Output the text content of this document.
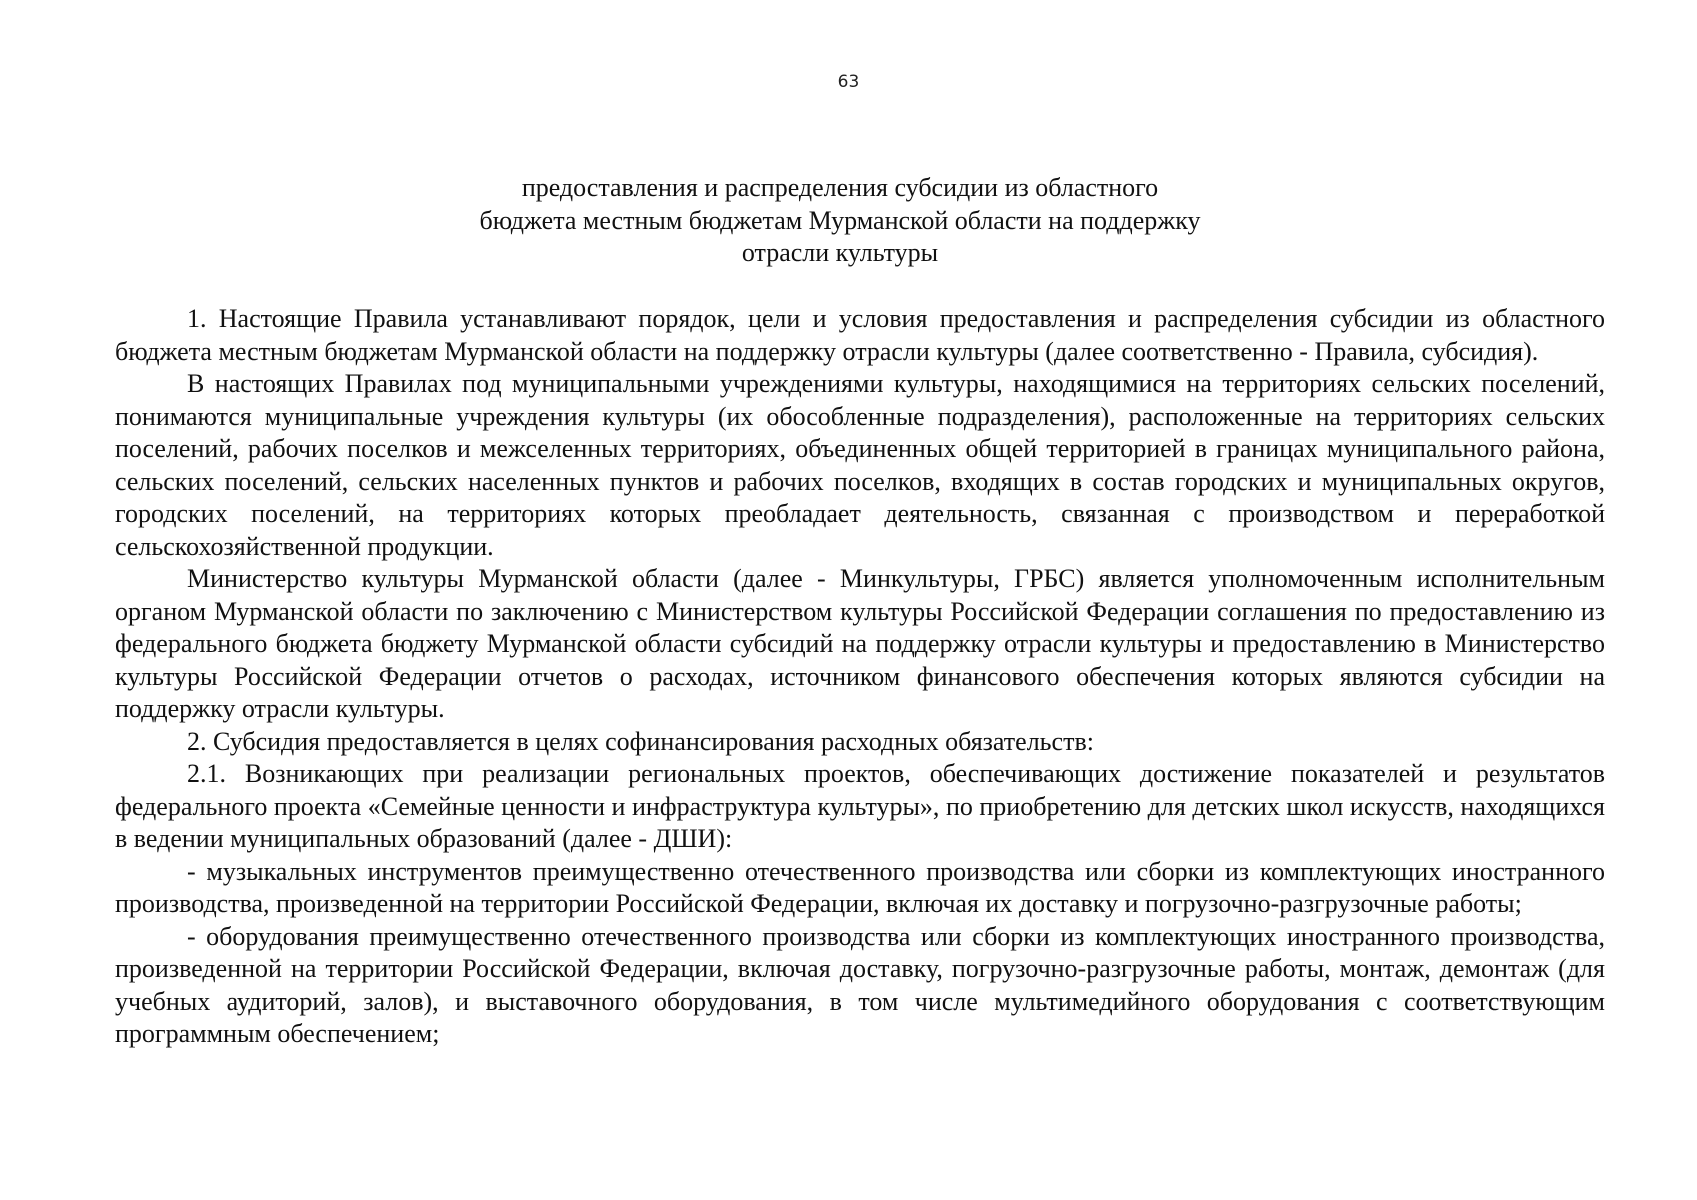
63
предоставления и распределения субсидии из областного
бюджета местным бюджетам Мурманской области на поддержку
отрасли культуры

1. Настоящие Правила устанавливают порядок, цели и условия предоставления и распределения субсидии из областного бюджета местным бюджетам Мурманской области на поддержку отрасли культуры (далее соответственно - Правила, субсидия).

В настоящих Правилах под муниципальными учреждениями культуры, находящимися на территориях сельских поселений, понимаются муниципальные учреждения культуры (их обособленные подразделения), расположенные на территориях сельских поселений, рабочих поселков и межселенных территориях, объединенных общей территорией в границах муниципального района, сельских поселений, сельских населенных пунктов и рабочих поселков, входящих в состав городских и муниципальных округов, городских поселений, на территориях которых преобладает деятельность, связанная с производством и переработкой сельскохозяйственной продукции.

Министерство культуры Мурманской области (далее - Минкультуры, ГРБС) является уполномоченным исполнительным органом Мурманской области по заключению с Министерством культуры Российской Федерации соглашения по предоставлению из федерального бюджета бюджету Мурманской области субсидий на поддержку отрасли культуры и предоставлению в Министерство культуры Российской Федерации отчетов о расходах, источником финансового обеспечения которых являются субсидии на поддержку отрасли культуры.

2. Субсидия предоставляется в целях софинансирования расходных обязательств:

2.1. Возникающих при реализации региональных проектов, обеспечивающих достижение показателей и результатов федерального проекта «Семейные ценности и инфраструктура культуры», по приобретению для детских школ искусств, находящихся в ведении муниципальных образований (далее - ДШИ):

- музыкальных инструментов преимущественно отечественного производства или сборки из комплектующих иностранного производства, произведенной на территории Российской Федерации, включая их доставку и погрузочно-разгрузочные работы;

- оборудования преимущественно отечественного производства или сборки из комплектующих иностранного производства, произведенной на территории Российской Федерации, включая доставку, погрузочно-разгрузочные работы, монтаж, демонтаж (для учебных аудиторий, залов), и выставочного оборудования, в том числе мультимедийного оборудования с соответствующим программным обеспечением;
